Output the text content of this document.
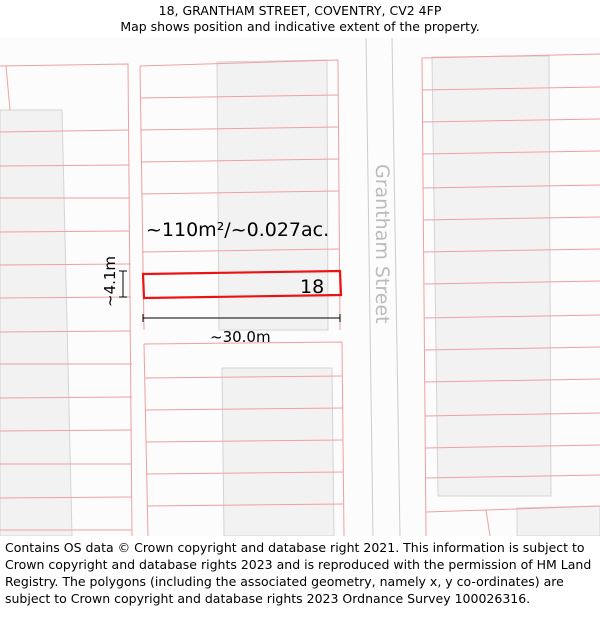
18, GRANTHAM STREET, COVENTRY, CV2 4FP
Map shows position and indicative extent of the property.
~110m²/~0.027ac.
18
~30.0m
~4.1m	Grantham Street
Contains OS data © Crown copyright and database right 2021. This information is subject to Crown copyright and database rights 2023 and is reproduced with the permission of HM Land Registry. The polygons (including the associated geometry, namely x, y co-ordinates) are subject to Crown copyright and database rights 2023 Ordnance Survey 100026316.
